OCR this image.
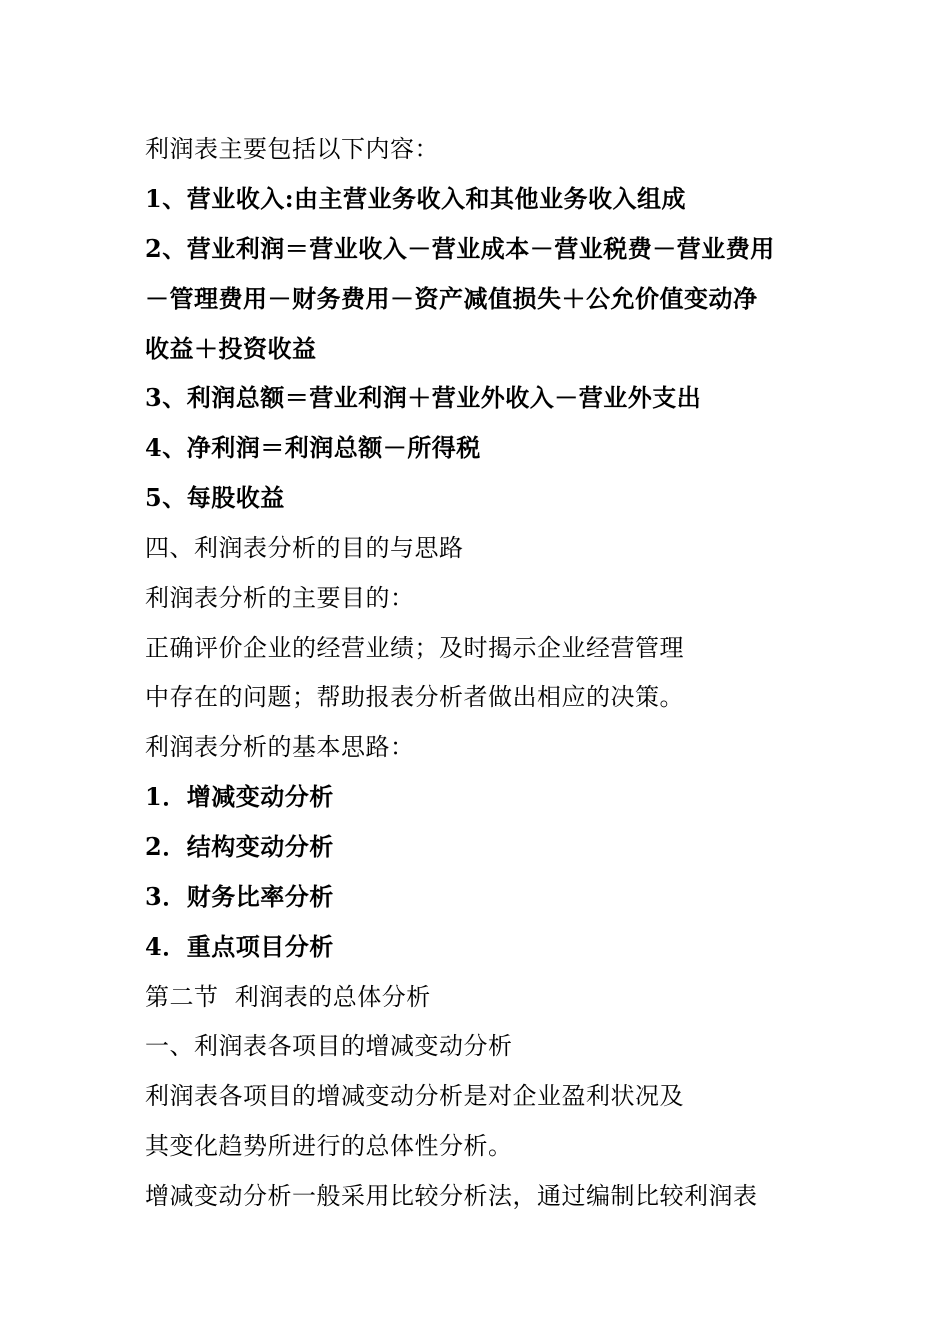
利润表主要包括以下内容：
1、营业收入:由主营业务收入和其他业务收入组成
2、营业利润＝营业收入－营业成本－营业税费－营业费用
－管理费用－财务费用－资产减值损失＋公允价值变动净
收益＋投资收益
3、利润总额＝营业利润＋营业外收入－营业外支出
4、净利润＝利润总额－所得税
5、每股收益
四、利润表分析的目的与思路
利润表分析的主要目的：
正确评价企业的经营业绩；及时揭示企业经营管理
中存在的问题；帮助报表分析者做出相应的决策。
利润表分析的基本思路：
1．增减变动分析
2．结构变动分析
3．财务比率分析
4．重点项目分析
第二节  利润表的总体分析
一、利润表各项目的增减变动分析
利润表各项目的增减变动分析是对企业盈利状况及
其变化趋势所进行的总体性分析。
增减变动分析一般采用比较分析法，通过编制比较利润表
